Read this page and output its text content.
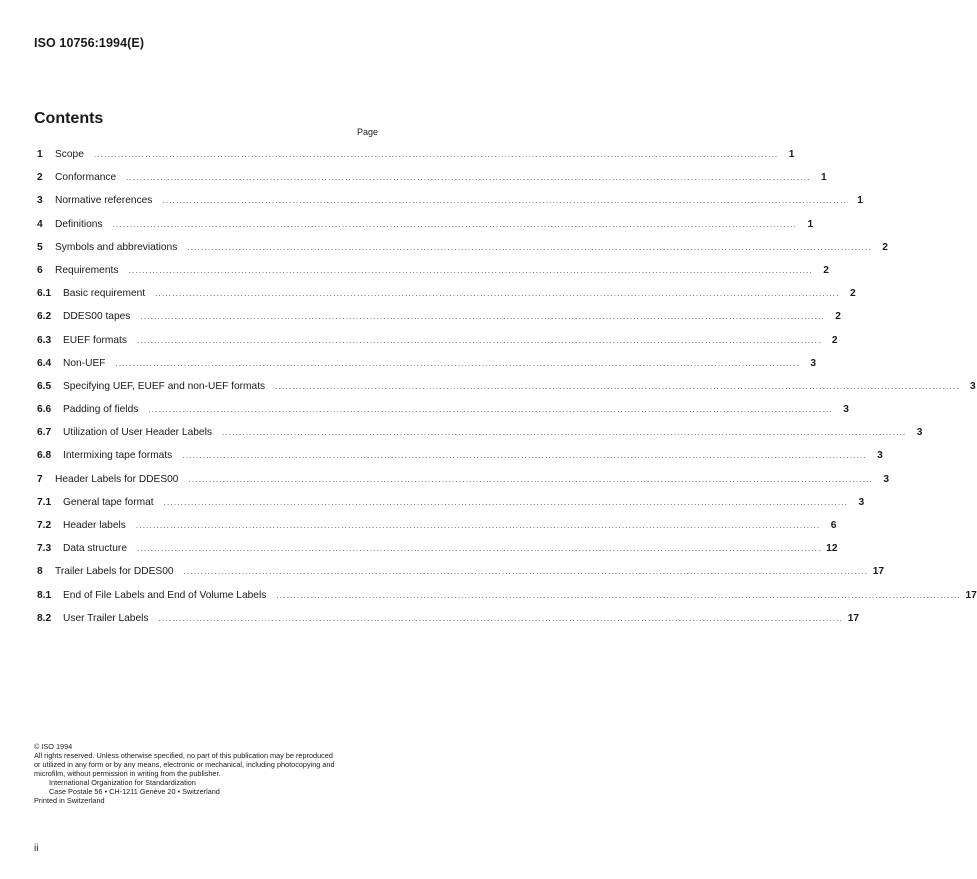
ISO 10756:1994(E)
Contents
Page
1	Scope	........................................................................................................................................................................................................	1
2	Conformance	........................................................................................................................................................................................................	1
3	Normative references	........................................................................................................................................................................................................	1
4	Definitions	........................................................................................................................................................................................................	1
5	Symbols and abbreviations	........................................................................................................................................................................................................	2
6	Requirements	........................................................................................................................................................................................................	2
6.1	Basic requirement	........................................................................................................................................................................................................	2
6.2	DDES00 tapes	........................................................................................................................................................................................................	2
6.3	EUEF formats	........................................................................................................................................................................................................	2
6.4	Non-UEF	........................................................................................................................................................................................................	3
6.5	Specifying UEF, EUEF and non-UEF formats	........................................................................................................................................................................................................	3
6.6	Padding of fields	........................................................................................................................................................................................................	3
6.7	Utilization of User Header Labels	........................................................................................................................................................................................................	3
6.8	Intermixing tape formats	........................................................................................................................................................................................................	3
7	Header Labels for DDES00	........................................................................................................................................................................................................	3
7.1	General tape format	........................................................................................................................................................................................................	3
7.2	Header labels	........................................................................................................................................................................................................	6
7.3	Data structure	........................................................................................................................................................................................................ 12
8	Trailer Labels for DDES00	........................................................................................................................................................................................................ 17
8.1	End of File Labels and End of Volume Labels	........................................................................................................................................................................................................ 17
8.2	User Trailer Labels	........................................................................................................................................................................................................ 17
© ISO 1994
All rights reserved. Unless otherwise specified, no part of this publication may be reproduced
or utilized in any form or by any means, electronic or mechanical, including photocopying and
microfilm, without permission in writing from the publisher.
International Organization for Standardization
Case Postale 56 • CH-1211 Genève 20 • Switzerland
Printed in Switzerland
ii
